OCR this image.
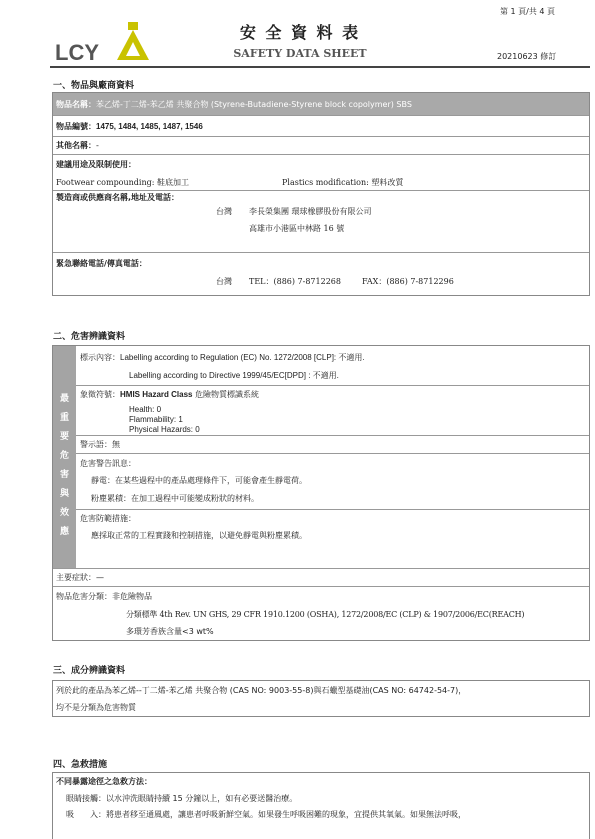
第 1 頁/共 4 頁
LCY
安 全 資 料 表
SAFETY DATA SHEET	20210623 修訂
一、物品與廠商資料
物品名稱：苯乙烯-丁二烯-苯乙烯 共聚合物 (Styrene-Butadiene-Styrene block copolymer) SBS
物品編號：1475, 1484, 1485, 1487, 1546
其他名稱：-
建議用途及限制使用：
Footwear compounding: 鞋底加工	Plastics modification: 塑料改質
製造商或供應商名稱,地址及電話：
台灣 李長榮集團 環球橡膠股份有限公司
高雄市小港區中林路 16 號
緊急聯絡電話/傳真電話：
台灣 TEL：(886) 7-8712268	FAX：(886) 7-8712296
二、危害辨識資料
最
重
要
危
害
與
效
應
標示內容：Labelling according to Regulation (EC) No. 1272/2008 [CLP]: 不適用.
Labelling according to Directive 1999/45/EC[DPD] : 不適用.
象徵符號：HMIS Hazard Class 危險物質標識系統
Health: 0
Flammability: 1
Physical Hazards: 0
警示語：無
危害警告訊息：
靜電：在某些過程中的產品處理條件下，可能會產生靜電荷。
粉塵累積：在加工過程中可能變成粉狀的材料。
危害防範措施：
應採取正常的工程實踐和控制措施，以避免靜電與粉塵累積。
主要症狀：—
物品危害分類：非危險物品
分類標準 4th Rev. UN GHS, 29 CFR 1910.1200 (OSHA), 1272/2008/EC (CLP) & 1907/2006/EC(REACH)
多環芳香族含量<3 wt%
三、成分辨識資料
列於此的產品為苯乙烯--丁二烯-苯乙烯 共聚合物 (CAS NO: 9003-55-8)與石蠟型基礎油(CAS NO: 64742-54-7)，
均不是分類為危害物質
四、急救措施
不同暴露途徑之急救方法：
眼睛接觸：以水沖洗眼睛持續 15 分鐘以上，如有必要送醫治療。
吸　　入：將患者移至通風處，讓患者呼吸新鮮空氣。如果發生呼吸困難的現象，宜提供其氧氣。如果無法呼吸，
